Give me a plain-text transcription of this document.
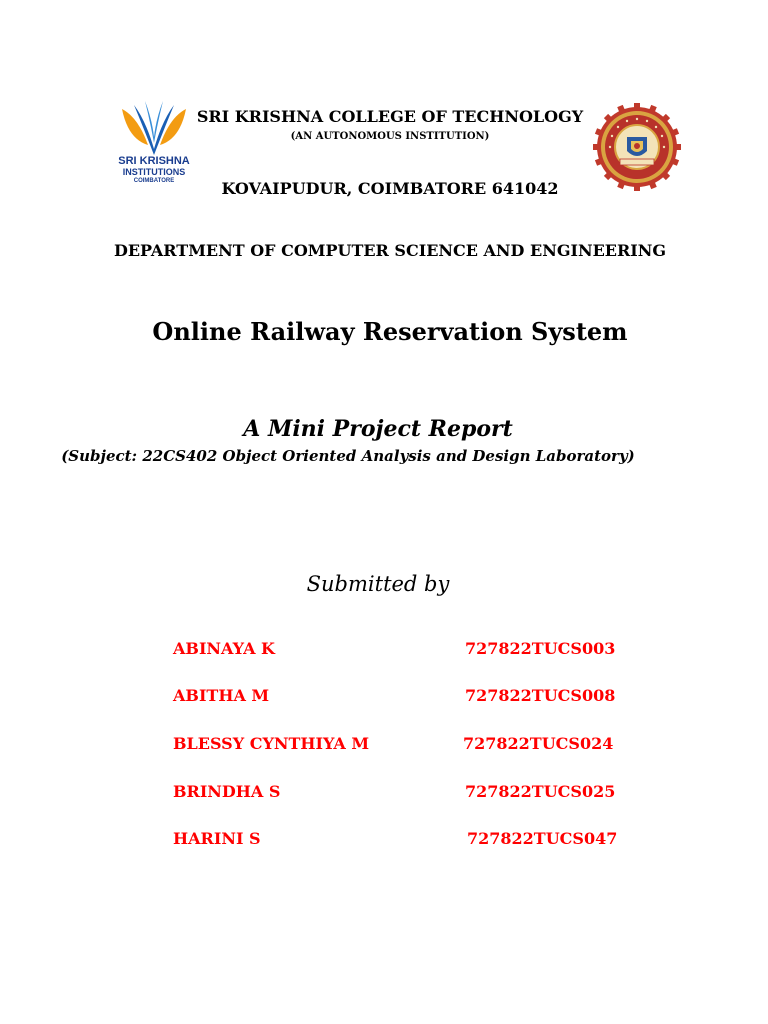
SRI KRISHNA
INSTITUTIONS
COIMBATORE
SRI KRISHNA COLLEGE OF TECHNOLOGY
(AN AUTONOMOUS INSTITUTION)
KOVAIPUDUR, COIMBATORE 641042
DEPARTMENT OF COMPUTER SCIENCE AND ENGINEERING
Online Railway Reservation System
A Mini Project Report
(Subject: 22CS402 Object Oriented Analysis and Design Laboratory)
Submitted by
ABINAYA K	727822TUCS003
ABITHA M	727822TUCS008
BLESSY CYNTHIYA M	727822TUCS024
BRINDHA S	727822TUCS025
HARINI S	727822TUCS047
